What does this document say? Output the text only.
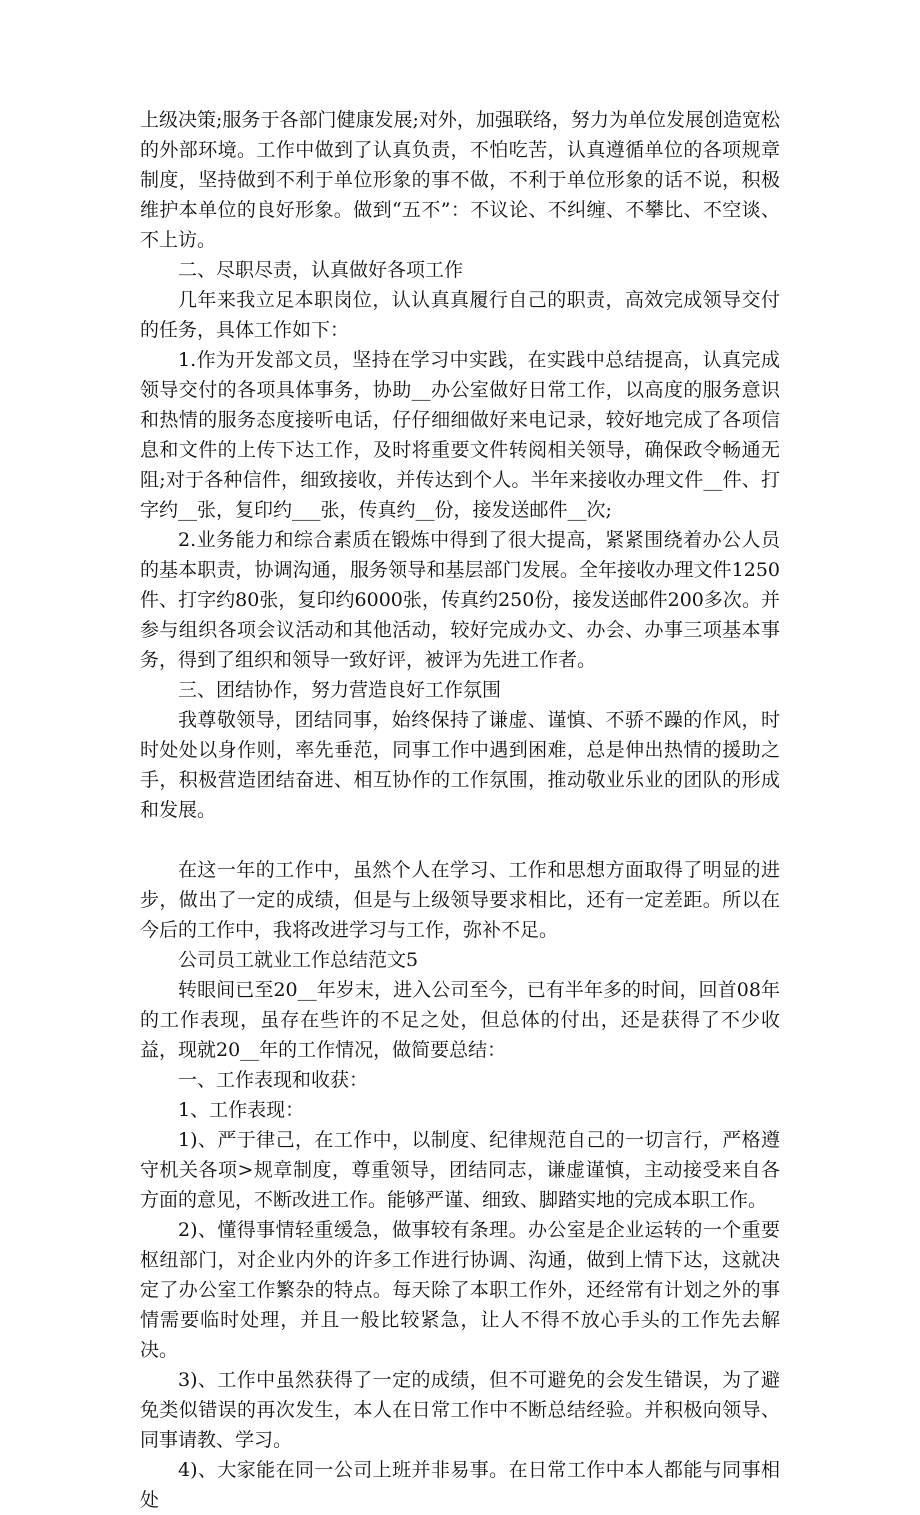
上级决策;服务于各部门健康发展;对外，加强联络，努力为单位发展创造宽松的外部环境。工作中做到了认真负责，不怕吃苦，认真遵循单位的各项规章制度，坚持做到不利于单位形象的事不做，不利于单位形象的话不说，积极维护本单位的良好形象。做到“五不”：不议论、不纠缠、不攀比、不空谈、不上访。

二、尽职尽责，认真做好各项工作

几年来我立足本职岗位，认认真真履行自己的职责，高效完成领导交付的任务，具体工作如下：

1.作为开发部文员，坚持在学习中实践，在实践中总结提高，认真完成领导交付的各项具体事务，协助__办公室做好日常工作，以高度的服务意识和热情的服务态度接听电话，仔仔细细做好来电记录，较好地完成了各项信息和文件的上传下达工作，及时将重要文件转阅相关领导，确保政令畅通无阻;对于各种信件，细致接收，并传达到个人。半年来接收办理文件__件、打字约__张，复印约___张，传真约__份，接发送邮件__次;

2.业务能力和综合素质在锻炼中得到了很大提高，紧紧围绕着办公人员的基本职责，协调沟通，服务领导和基层部门发展。全年接收办理文件1250件、打字约80张，复印约6000张，传真约250份，接发送邮件200多次。并参与组织各项会议活动和其他活动，较好完成办文、办会、办事三项基本事务，得到了组织和领导一致好评，被评为先进工作者。

三、团结协作，努力营造良好工作氛围

我尊敬领导，团结同事，始终保持了谦虚、谨慎、不骄不躁的作风，时时处处以身作则，率先垂范，同事工作中遇到困难，总是伸出热情的援助之手，积极营造团结奋进、相互协作的工作氛围，推动敬业乐业的团队的形成和发展。

在这一年的工作中，虽然个人在学习、工作和思想方面取得了明显的进步，做出了一定的成绩，但是与上级领导要求相比，还有一定差距。所以在今后的工作中，我将改进学习与工作，弥补不足。

公司员工就业工作总结范文5

转眼间已至20__年岁末，进入公司至今，已有半年多的时间，回首08年的工作表现，虽存在些许的不足之处，但总体的付出，还是获得了不少收益，现就20__年的工作情况，做简要总结：

一、工作表现和收获：

1、工作表现：

1)、严于律己，在工作中，以制度、纪律规范自己的一切言行，严格遵守机关各项>规章制度，尊重领导，团结同志，谦虚谨慎，主动接受来自各方面的意见，不断改进工作。能够严谨、细致、脚踏实地的完成本职工作。

2)、懂得事情轻重缓急，做事较有条理。办公室是企业运转的一个重要枢纽部门，对企业内外的许多工作进行协调、沟通，做到上情下达，这就决定了办公室工作繁杂的特点。每天除了本职工作外，还经常有计划之外的事情需要临时处理，并且一般比较紧急，让人不得不放心手头的工作先去解决。

3)、工作中虽然获得了一定的成绩，但不可避免的会发生错误，为了避免类似错误的再次发生，本人在日常工作中不断总结经验。并积极向领导、同事请教、学习。

4)、大家能在同一公司上班并非易事。在日常工作中本人都能与同事相处
